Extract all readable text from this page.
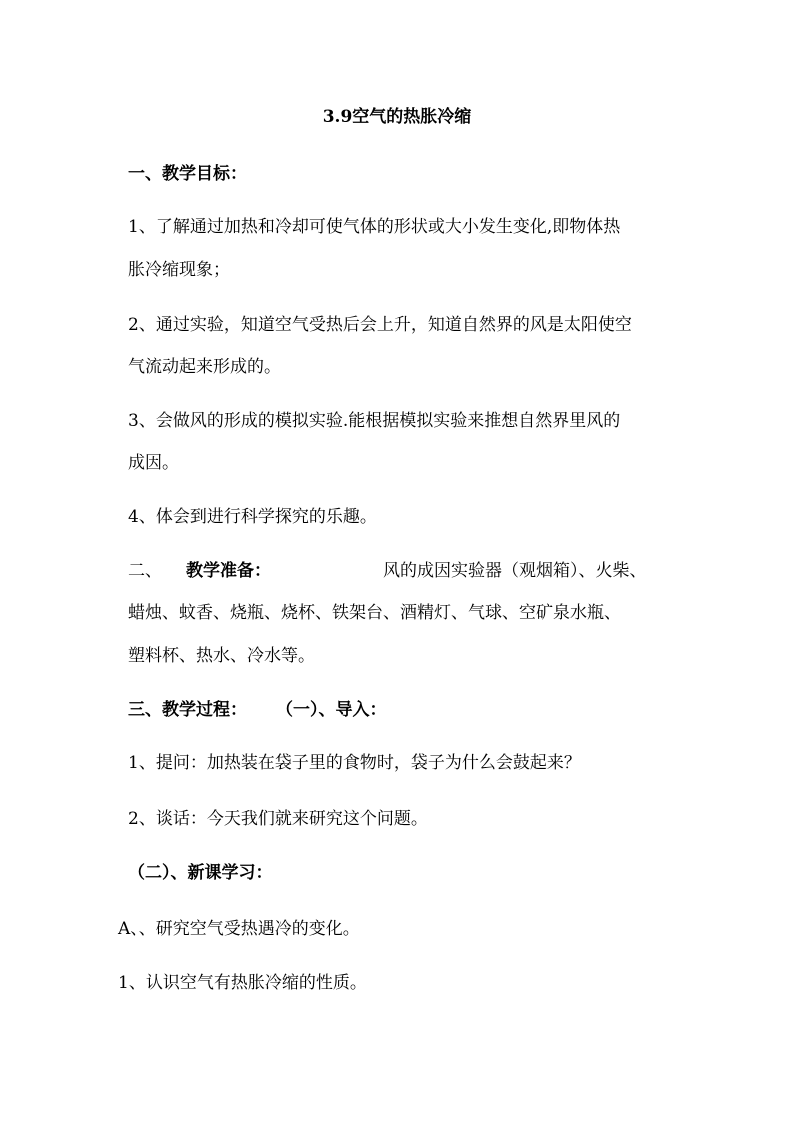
3.9空气的热胀冷缩
一、教学目标：
1、了解通过加热和冷却可使气体的形状或大小发生变化,即物体热
胀冷缩现象；
2、通过实验，知道空气受热后会上升，知道自然界的风是太阳使空
气流动起来形成的。
3、会做风的形成的模拟实验.能根据模拟实验来推想自然界里风的
成因。
4、体会到进行科学探究的乐趣。
二、 教学准备：	风的成因实验器（观烟箱）、火柴、
蜡烛、蚊香、烧瓶、烧杯、铁架台、酒精灯、气球、空矿泉水瓶、
塑料杯、热水、冷水等。
三、教学过程： （一）、导入：
1、提问：加热装在袋子里的食物时，袋子为什么会鼓起来？
2、谈话：今天我们就来研究这个问题。
（二）、新课学习：
A、、研究空气受热遇冷的变化。
1、认识空气有热胀冷缩的性质。
